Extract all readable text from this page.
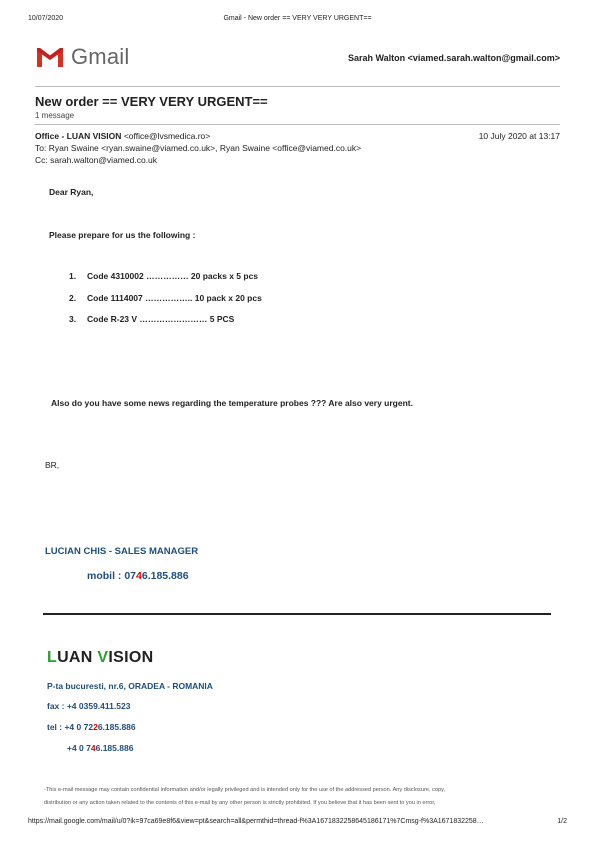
10/07/2020	Gmail - New order == VERY VERY URGENT==
Gmail	Sarah Walton <viamed.sarah.walton@gmail.com>
New order == VERY VERY URGENT==
1 message
Office - LUAN VISION <office@lvsmedica.ro>	10 July 2020 at 13:17
To: Ryan Swaine <ryan.swaine@viamed.co.uk>, Ryan Swaine <office@viamed.co.uk>
Cc: sarah.walton@viamed.co.uk
Dear Ryan,
Please prepare for us the following :
1. Code 4310002 …………… 20 packs x 5 pcs
2. Code 1114007 …………….. 10 pack x 20 pcs
3. Code R-23 V …………………… 5 PCS
Also do you have some news regarding the temperature probes ??? Are also very urgent.
BR,
LUCIAN CHIS - SALES MANAGER
mobil : 0746.185.886
LUAN VISION
P-ta bucuresti, nr.6, ORADEA - ROMANIA
fax : +4 0359.411.523
tel : +4 0 7226.185.886
+4 0 746.185.886
-This e-mail message may contain confidential information and/or legally privileged and is intended only for the use of the addressed person. Any disclosure, copy,
distribution or any action taken related to the contents of this e-mail by any other person is strictly prohibited. If you believe that it has been sent to you in error,
https://mail.google.com/mail/u/0?ik=97ca69e8f6&view=pt&search=all&permthid=thread-f%3A1671832258645186171%7Cmsg-f%3A1671832258…	1/2
